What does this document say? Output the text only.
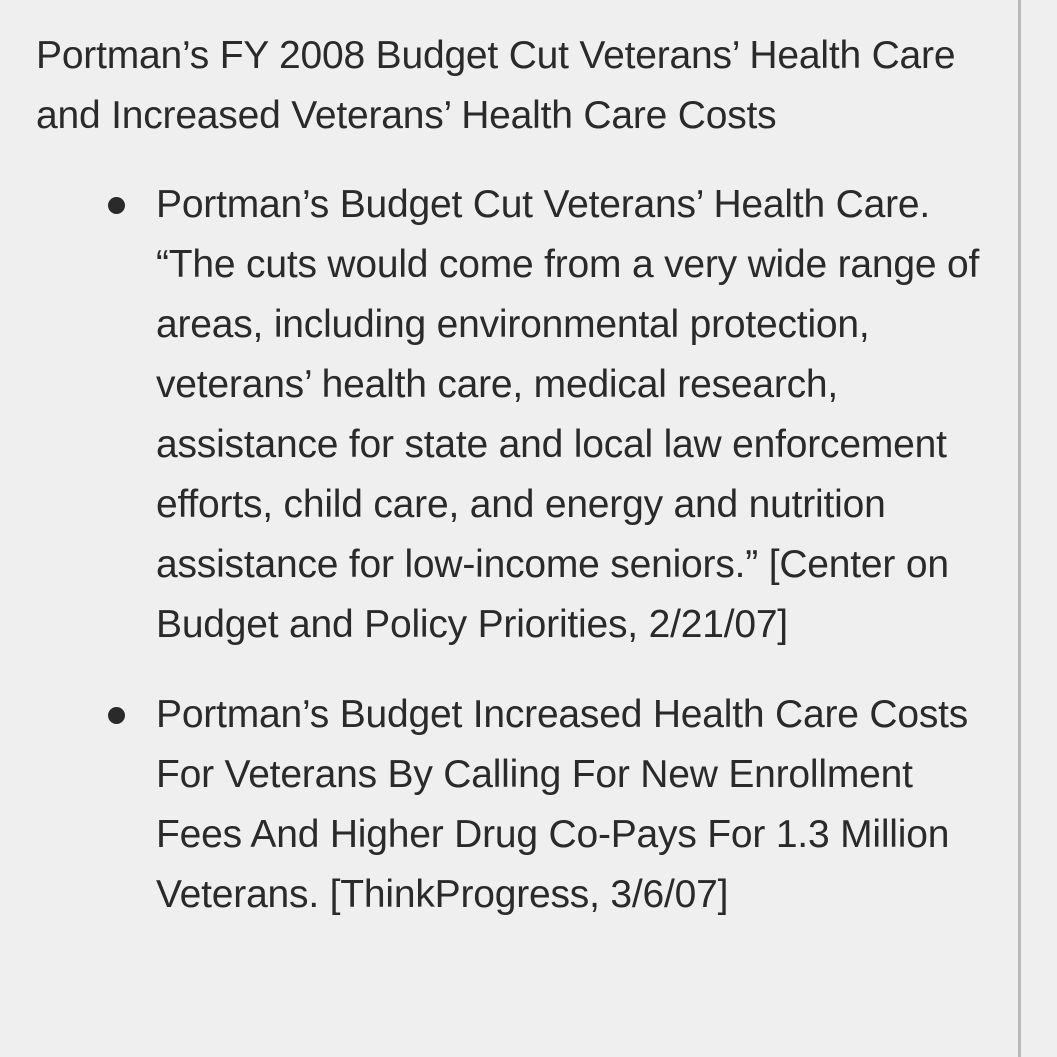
Portman’s FY 2008 Budget Cut Veterans’ Health Care and Increased Veterans’ Health Care Costs
Portman’s Budget Cut Veterans’ Health Care. “The cuts would come from a very wide range of areas, including environmental protection, veterans’ health care, medical research, assistance for state and local law enforcement efforts, child care, and energy and nutrition assistance for low-income seniors.” [Center on Budget and Policy Priorities, 2/21/07]
Portman’s Budget Increased Health Care Costs For Veterans By Calling For New Enrollment Fees And Higher Drug Co-Pays For 1.3 Million Veterans. [ThinkProgress, 3/6/07]
